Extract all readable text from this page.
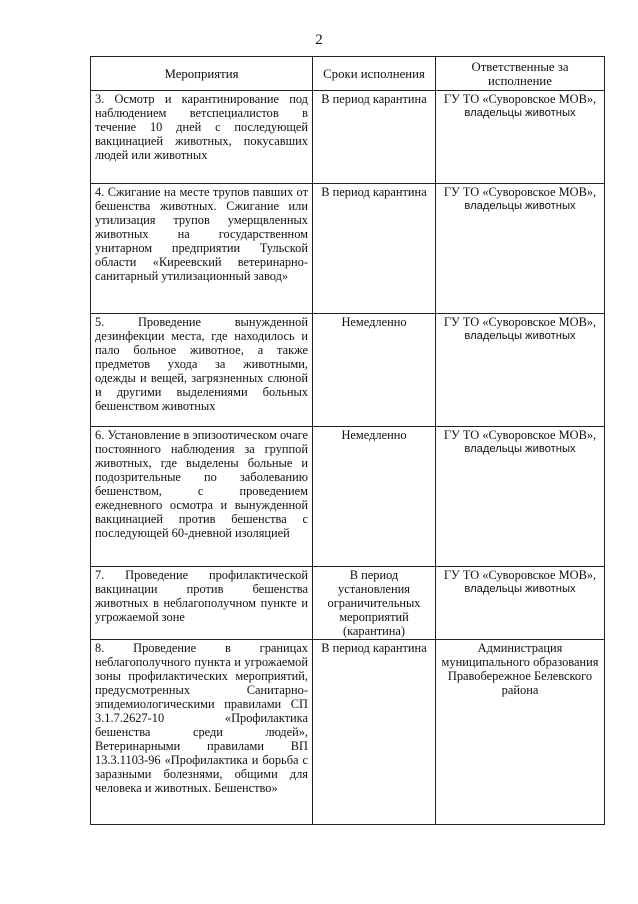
2
Мероприятия	Сроки исполнения	Ответственные за исполнение
3. Осмотр и карантинирование под наблюдением ветспециалистов в течение 10 дней с последующей вакцинацией животных, покусавших людей или животных	В период карантина	ГУ ТО «Суворовское МОВ»,
владельцы животных

4. Сжигание на месте трупов павших от бешенства животных. Сжигание или утилизация трупов умерщвленных животных на государственном унитарном предприятии Тульской области «Киреевский ветеринарно-санитарный утилизационный завод»	В период карантина	ГУ ТО «Суворовское МОВ»,
владельцы животных

5. Проведение вынужденной дезинфекции места, где находилось и пало больное животное, а также предметов ухода за животными, одежды и вещей, загрязненных слюной и другими выделениями больных бешенством животных	Немедленно	ГУ ТО «Суворовское МОВ»,
владельцы животных

6. Установление в эпизоотическом очаге постоянного наблюдения за группой животных, где выделены больные и подозрительные по заболеванию бешенством, с проведением ежедневного осмотра и вынужденной вакцинацией против бешенства с последующей 60-дневной изоляцией	Немедленно	ГУ ТО «Суворовское МОВ»,
владельцы животных

7. Проведение профилактической вакцинации против бешенства животных в неблагополучном пункте и угрожаемой зоне	В период установления ограничительных мероприятий (карантина)	ГУ ТО «Суворовское МОВ»,
владельцы животных

8. Проведение в границах неблагополучного пункта и угрожаемой зоны профилактических мероприятий, предусмотренных Санитарно-эпидемиологическими правилами СП 3.1.7.2627-10 «Профилактика бешенства среди людей», Ветеринарными правилами ВП 13.3.1103-96 «Профилактика и борьба с заразными болезнями, общими для человека и животных. Бешенство»	В период карантина	Администрация муниципального образования Правобережное Белевского района
